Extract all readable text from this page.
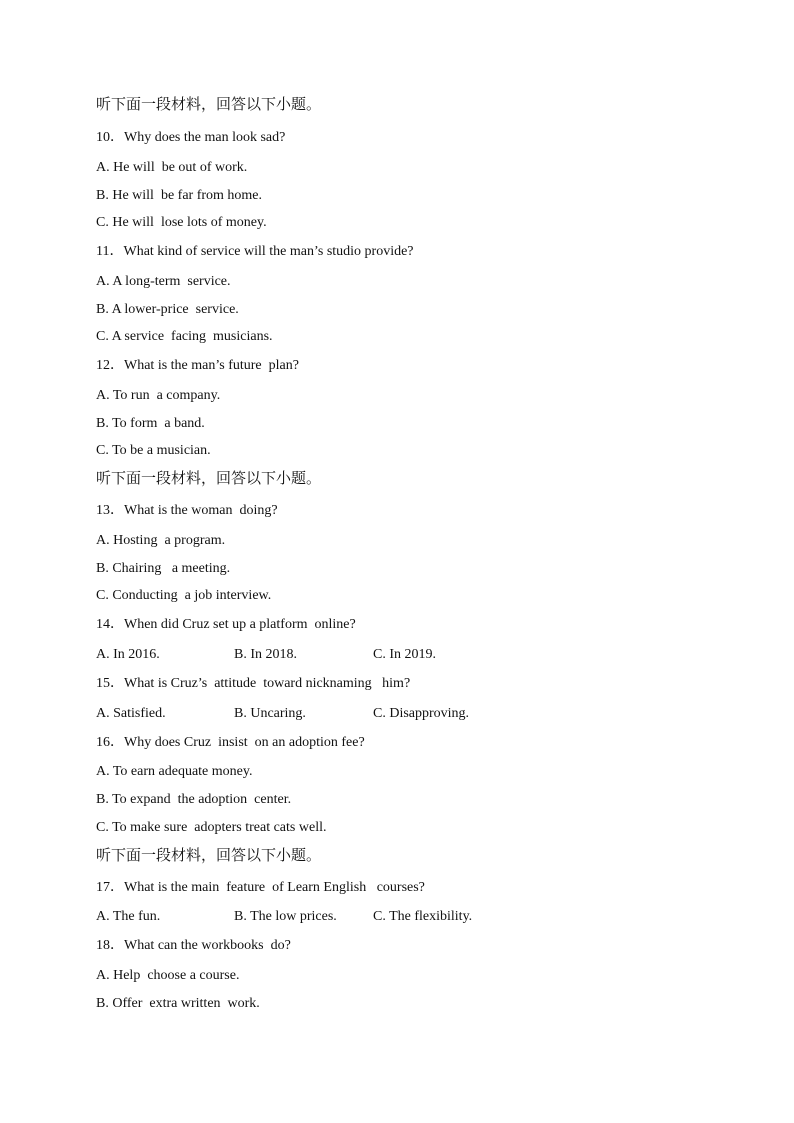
听下面一段材料，回答以下小题。
10．Why does the man look sad?
A. He will  be out of work.
B. He will  be far from home.
C. He will  lose lots of money.
11．What kind of service will the man’s studio provide?
A. A long-term  service.
B. A lower-price  service.
C. A service  facing  musicians.
12．What is the man’s future  plan?
A. To run  a company.
B. To form  a band.
C. To be a musician.
听下面一段材料，回答以下小题。
13．What is the woman  doing?
A. Hosting  a program.
B. Chairing   a meeting.
C. Conducting  a job interview.
14．When did Cruz set up a platform  online?
A. In 2016.	B. In 2018.	C. In 2019.
15．What is Cruz’s  attitude  toward nicknaming   him?
A. Satisfied.	B. Uncaring.	C. Disapproving.
16．Why does Cruz  insist  on an adoption fee?
A. To earn adequate money.
B. To expand  the adoption  center.
C. To make sure  adopters treat cats well.
听下面一段材料，回答以下小题。
17．What is the main  feature  of Learn English   courses?
A. The fun.	B. The low prices.	C. The flexibility.
18．What can the workbooks  do?
A. Help  choose a course.
B. Offer  extra written  work.
